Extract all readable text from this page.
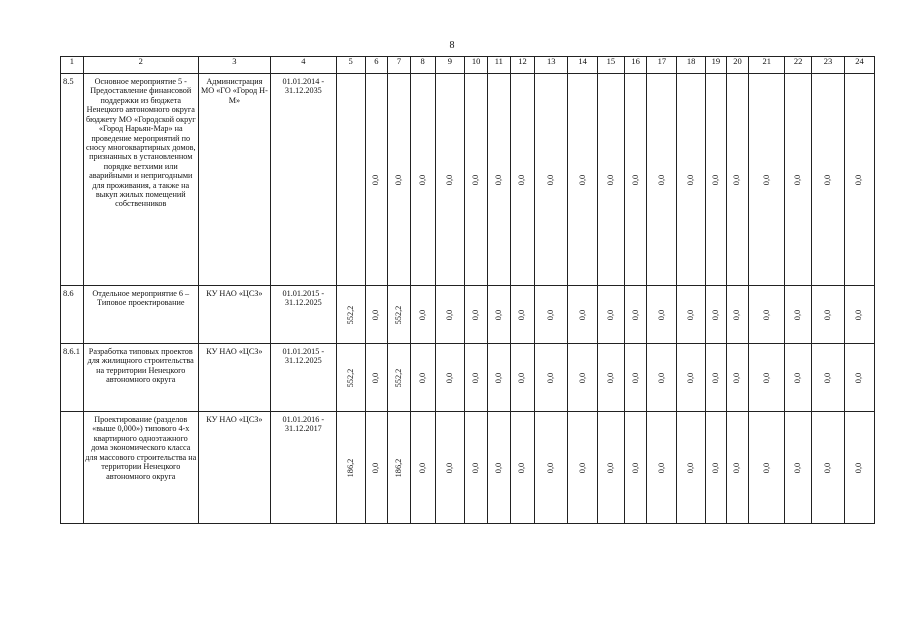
8
1	2	3	4	5	6	7	8	9	10	11	12	13	14	15	16	17	18	19	20	21	22	23	24
8.5	Основное мероприятие 5 - Предоставление финансовой поддержки из бюджета Ненецкого автономного округа бюджету МО «Городской округ «Город Нарьян-Мар» на проведение мероприятий по сносу многоквартирных домов, признанных в установленном порядке ветхими или аварийными и непригодными для проживания, а также на выкуп жилых помещений собственников	Администрация МО «ГО «Город Н-М»	01.01.2014 - 31.12.2035		0,0	0,0	0,0	0,0	0,0	0,0	0,0	0,0	0,0	0,0	0,0	0,0	0,0	0,0	0,0	0,0	0,0	0,0	0,0

8.6	Отдельное мероприятие 6 – Типовое проектирование	КУ НАО «ЦСЗ»	01.01.2015 - 31.12.2025	552,2	0,0	552,2	0,0	0,0	0,0	0,0	0,0	0,0	0,0	0,0	0,0	0,0	0,0	0,0	0,0	0,0	0,0	0,0	0,0

8.6.1	Разработка типовых проектов для жилищного строительства на территории Ненецкого автономного округа	КУ НАО «ЦСЗ»	01.01.2015 - 31.12.2025	552,2	0,0	552,2	0,0	0,0	0,0	0,0	0,0	0,0	0,0	0,0	0,0	0,0	0,0	0,0	0,0	0,0	0,0	0,0	0,0

	Проектирование (разделов «выше 0,000») типового 4-х квартирного одноэтажного дома экономического класса для массового строительства на территории Ненецкого автономного округа	КУ НАО «ЦСЗ»	01.01.2016 - 31.12.2017	186,2	0,0	186,2	0,0	0,0	0,0	0,0	0,0	0,0	0,0	0,0	0,0	0,0	0,0	0,0	0,0	0,0	0,0	0,0	0,0
